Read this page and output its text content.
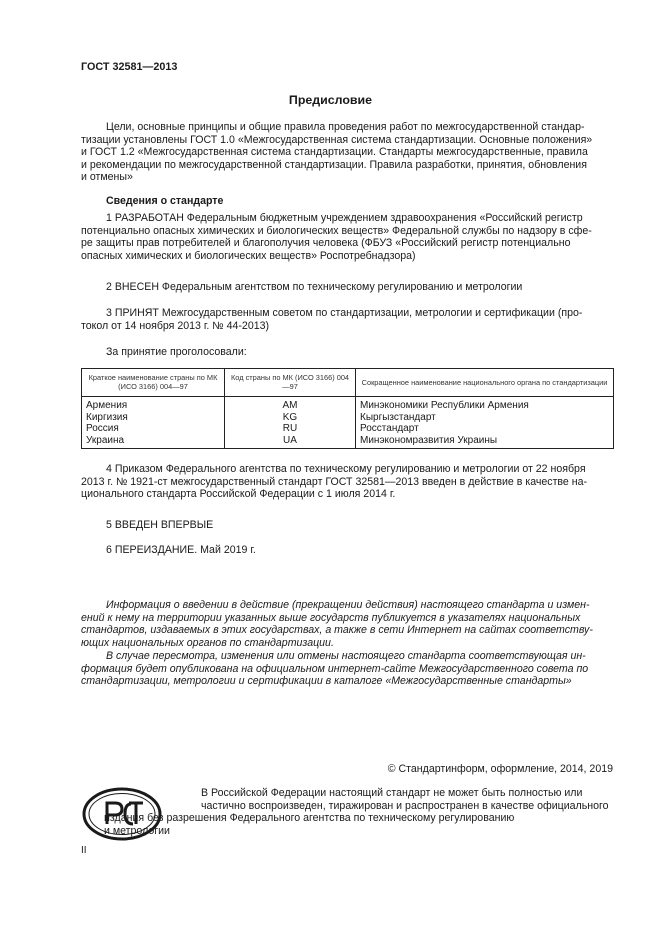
ГОСТ 32581—2013
Предисловие
Цели, основные принципы и общие правила проведения работ по межгосударственной стандар-
тизации установлены ГОСТ 1.0 «Межгосударственная система стандартизации. Основные положения»
и ГОСТ 1.2 «Межгосударственная система стандартизации. Стандарты межгосударственные, правила
и рекомендации по межгосударственной стандартизации. Правила разработки, принятия, обновления
и отмены»
Сведения о стандарте
1 РАЗРАБОТАН Федеральным бюджетным учреждением здравоохранения «Российский регистр
потенциально опасных химических и биологических веществ» Федеральной службы по надзору в сфе-
ре защиты прав потребителей и благополучия человека (ФБУЗ «Российский регистр потенциально
опасных химических и биологических веществ» Роспотребнадзора)
2 ВНЕСЕН Федеральным агентством по техническому регулированию и метрологии
3 ПРИНЯТ Межгосударственным советом по стандартизации, метрологии и сертификации (про-
токол от 14 ноября 2013 г. № 44-2013)
За принятие проголосовали:
Краткое наименование страны по МК (ИСО 3166) 004—97	Код страны по МК (ИСО 3166) 004—97	Сокращенное наименование национального органа по стандартизации
Армения	AM	Минэкономики Республики Армения
Киргизия	KG	Кыргызстандарт
Россия	RU	Росстандарт
Украина	UA	Минэкономразвития Украины
4 Приказом Федерального агентства по техническому регулированию и метрологии от 22 ноября
2013 г. № 1921-ст межгосударственный стандарт ГОСТ 32581—2013 введен в действие в качестве на-
ционального стандарта Российской Федерации с 1 июля 2014 г.
5 ВВЕДЕН ВПЕРВЫЕ
6 ПЕРЕИЗДАНИЕ. Май 2019 г.
Информация о введении в действие (прекращении действия) настоящего стандарта и измен-
ений к нему на территории указанных выше государств публикуется в указателях национальных
стандартов, издаваемых в этих государствах, а также в сети Интернет на сайтах соответству-
ющих национальных органов по стандартизации.
В случае пересмотра, изменения или отмены настоящего стандарта соответствующая ин-
формация будет опубликована на официальном интернет-сайте Межгосударственного совета по
стандартизации, метрологии и сертификации в каталоге «Межгосударственные стандарты»
© Стандартинформ, оформление, 2014, 2019
В Российской Федерации настоящий стандарт не может быть полностью или
частично воспроизведен, тиражирован и распространен в качестве официального
издания без разрешения Федерального агентства по техническому регулированию
и метрологии
II
